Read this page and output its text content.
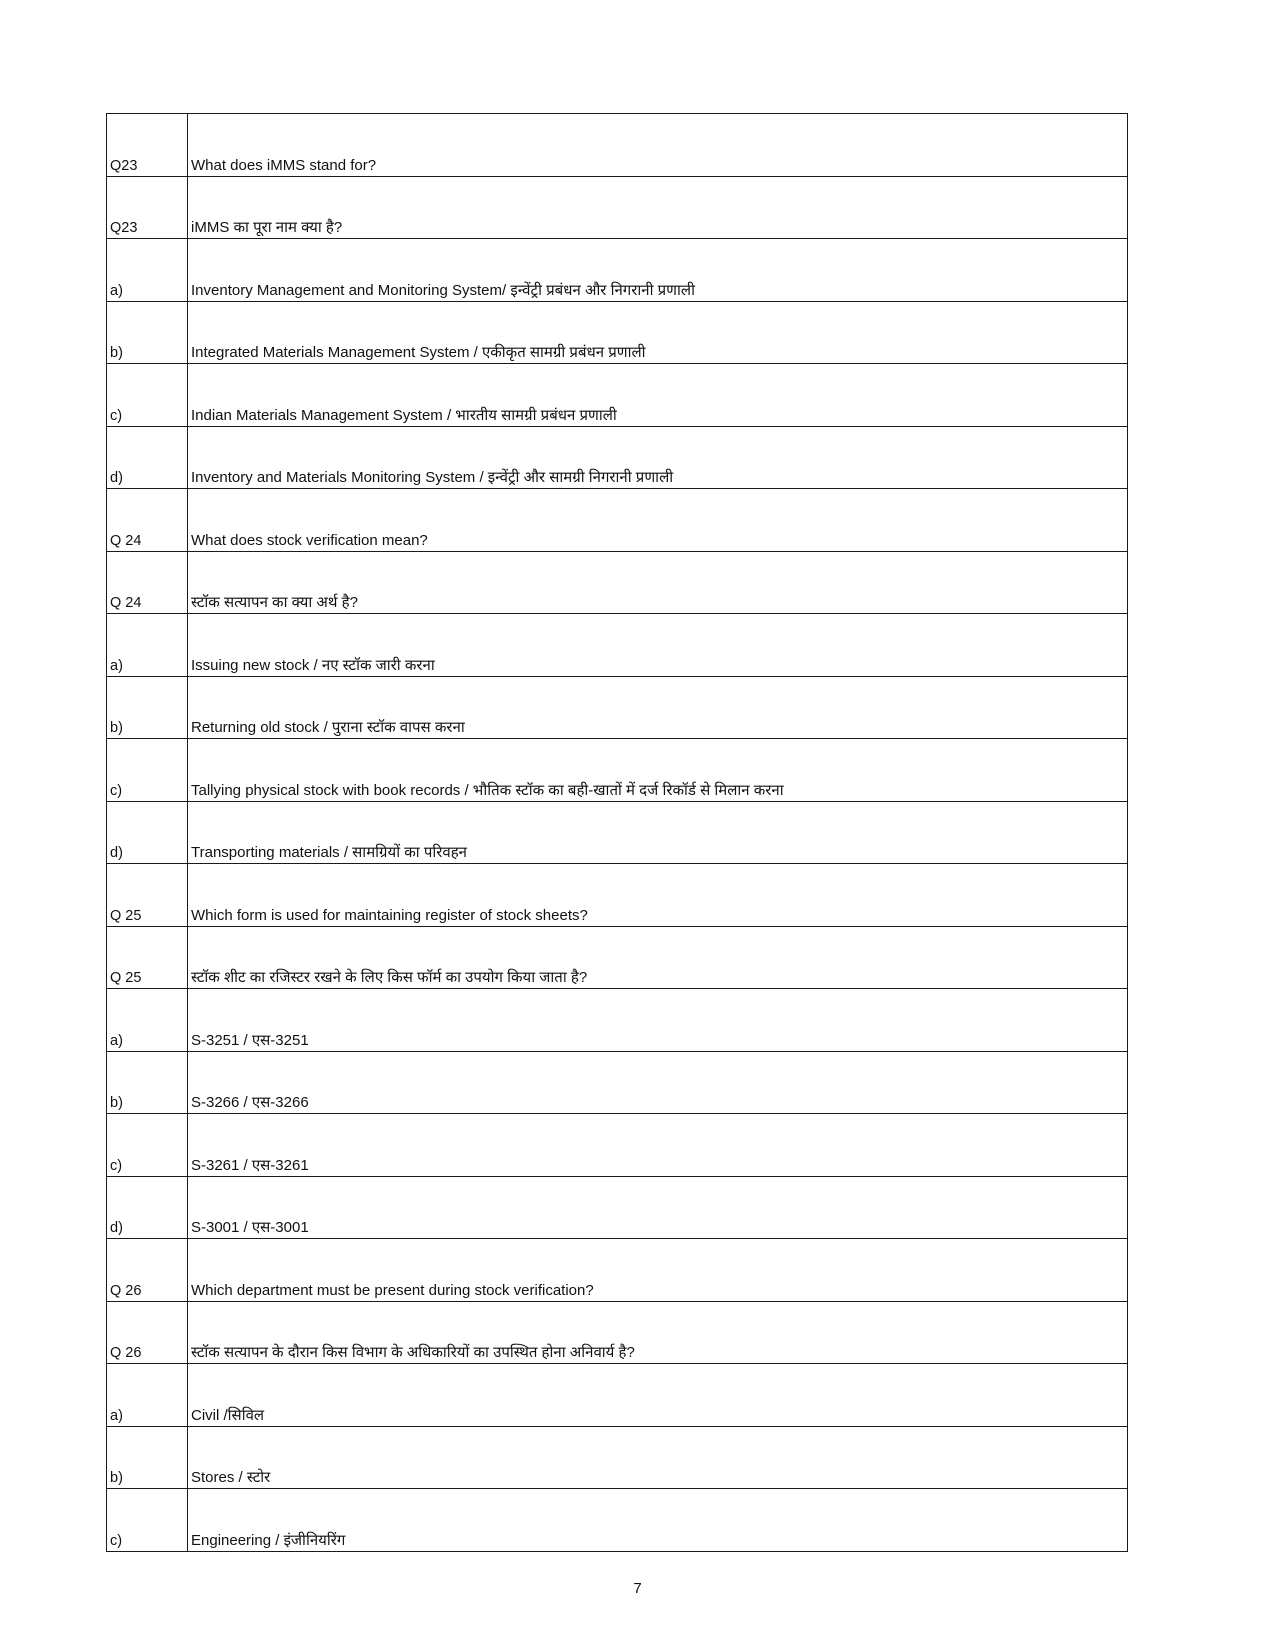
Q23	What does iMMS stand for?
Q23	iMMS का पूरा नाम क्या है?
a)	Inventory Management and Monitoring System/ इन्वेंट्री प्रबंधन और निगरानी प्रणाली
b)	Integrated Materials Management System / एकीकृत सामग्री प्रबंधन प्रणाली
c)	Indian Materials Management System / भारतीय सामग्री प्रबंधन प्रणाली
d)	Inventory and Materials Monitoring System / इन्वेंट्री और सामग्री निगरानी प्रणाली
Q 24	What does stock verification mean?
Q 24	स्टॉक सत्यापन का क्या अर्थ है?
a)	Issuing new stock / नए स्टॉक जारी करना
b)	Returning old stock / पुराना स्टॉक वापस करना
c)	Tallying physical stock with book records / भौतिक स्टॉक का बही-खातों में दर्ज रिकॉर्ड से मिलान करना
d)	Transporting materials / सामग्रियों का परिवहन
Q 25	Which form is used for maintaining register of stock sheets?
Q 25	स्टॉक शीट का रजिस्टर रखने के लिए किस फॉर्म का उपयोग किया जाता है?
a)	S-3251 / एस-3251
b)	S-3266 / एस-3266
c)	S-3261 / एस-3261
d)	S-3001 / एस-3001
Q 26	Which department must be present during stock verification?
Q 26	स्टॉक सत्यापन के दौरान किस विभाग के अधिकारियों का उपस्थित होना अनिवार्य है?
a)	Civil /सिविल
b)	Stores / स्टोर
c)	Engineering / इंजीनियरिंग
7
